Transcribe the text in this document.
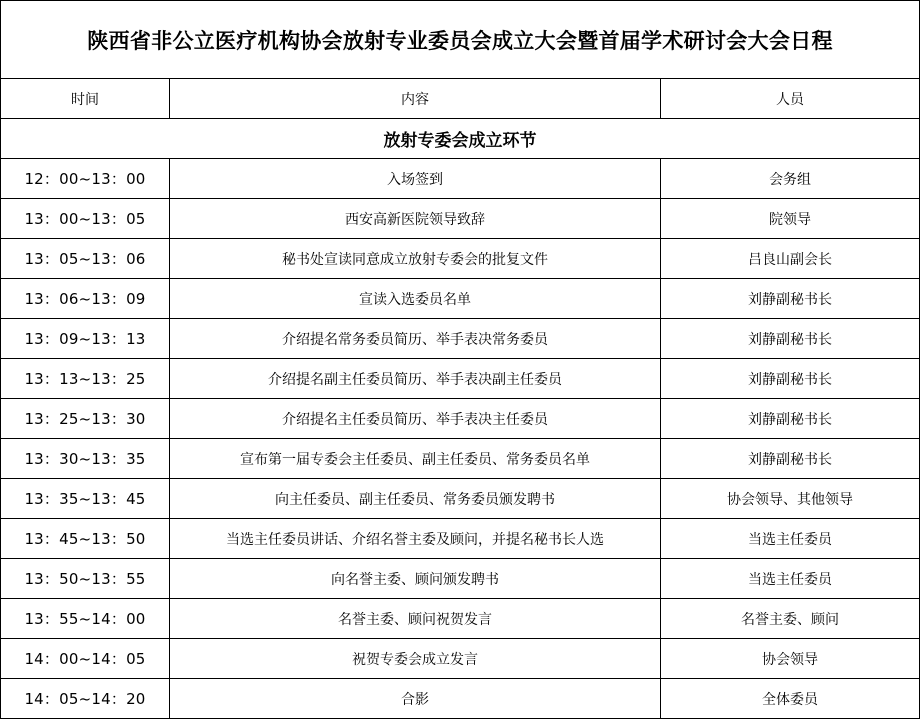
陕西省非公立医疗机构协会放射专业委员会成立大会暨首届学术研讨会大会日程		
时间	内容	人员
放射专委会成立环节		
12：00~13：00	入场签到	会务组
13：00~13：05	西安高新医院领导致辞	院领导
13：05~13：06	秘书处宣读同意成立放射专委会的批复文件	吕良山副会长
13：06~13：09	宣读入选委员名单	刘静副秘书长
13：09~13：13	介绍提名常务委员简历、举手表决常务委员	刘静副秘书长
13：13~13：25	介绍提名副主任委员简历、举手表决副主任委员	刘静副秘书长
13：25~13：30	介绍提名主任委员简历、举手表决主任委员	刘静副秘书长
13：30~13：35	宣布第一届专委会主任委员、副主任委员、常务委员名单	刘静副秘书长
13：35~13：45	向主任委员、副主任委员、常务委员颁发聘书	协会领导、其他领导
13：45~13：50	当选主任委员讲话、介绍名誉主委及顾问，并提名秘书长人选	当选主任委员
13：50~13：55	向名誉主委、顾问颁发聘书	当选主任委员
13：55~14：00	名誉主委、顾问祝贺发言	名誉主委、顾问
14：00~14：05	祝贺专委会成立发言	协会领导
14：05~14：20	合影	全体委员
